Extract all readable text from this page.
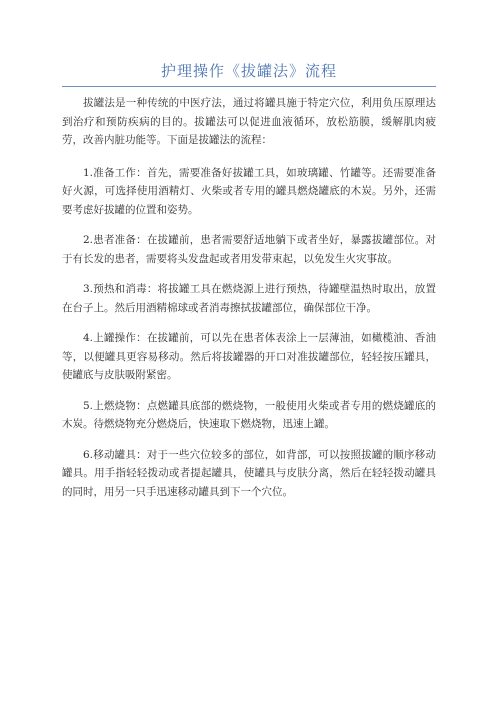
护理操作《拔罐法》流程

拔罐法是一种传统的中医疗法，通过将罐具施于特定穴位，利用负压原理达到治疗和预防疾病的目的。拔罐法可以促进血液循环，放松筋膜，缓解肌肉疲劳，改善内脏功能等。下面是拔罐法的流程：

1.准备工作：首先，需要准备好拔罐工具，如玻璃罐、竹罐等。还需要准备好火源，可选择使用酒精灯、火柴或者专用的罐具燃烧罐底的木炭。另外，还需要考虑好拔罐的位置和姿势。

2.患者准备：在拔罐前，患者需要舒适地躺下或者坐好，暴露拔罐部位。对于有长发的患者，需要将头发盘起或者用发带束起，以免发生火灾事故。

3.预热和消毒：将拔罐工具在燃烧源上进行预热，待罐壁温热时取出，放置在台子上。然后用酒精棉球或者消毒擦拭拔罐部位，确保部位干净。

4.上罐操作：在拔罐前，可以先在患者体表涂上一层薄油，如橄榄油、香油等，以便罐具更容易移动。然后将拔罐器的开口对准拔罐部位，轻轻按压罐具，使罐底与皮肤吸附紧密。

5.上燃烧物：点燃罐具底部的燃烧物，一般使用火柴或者专用的燃烧罐底的木炭。待燃烧物充分燃烧后，快速取下燃烧物，迅速上罐。

6.移动罐具：对于一些穴位较多的部位，如背部，可以按照拔罐的顺序移动罐具。用手指轻轻拨动或者提起罐具，使罐具与皮肤分离，然后在轻轻拨动罐具的同时，用另一只手迅速移动罐具到下一个穴位。
